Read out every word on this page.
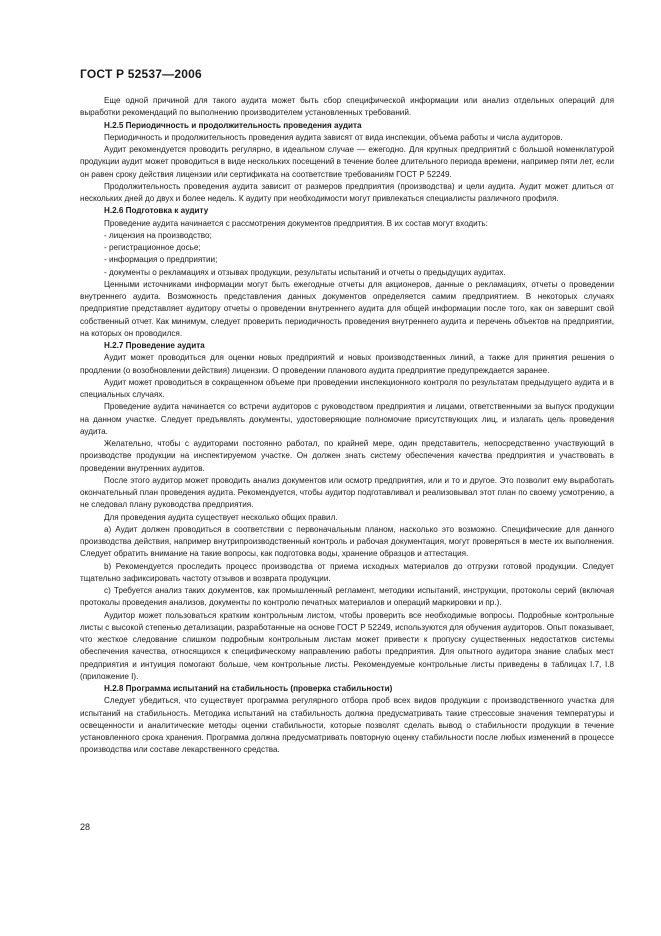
ГОСТ Р 52537—2006

Еще одной причиной для такого аудита может быть сбор специфической информации или анализ отдельных операций для выработки рекомендаций по выполнению производителем установленных требований.

Н.2.5 Периодичность и продолжительность проведения аудита

Периодичность и продолжительность проведения аудита зависят от вида инспекции, объема работы и числа аудиторов.

Аудит рекомендуется проводить регулярно, в идеальном случае — ежегодно. Для крупных предприятий с большой номенклатурой продукции аудит может проводиться в виде нескольких посещений в течение более длительного периода времени, например пяти лет, если он равен сроку действия лицензии или сертификата на соответствие требованиям ГОСТ Р 52249.

Продолжительность проведения аудита зависит от размеров предприятия (производства) и цели аудита. Аудит может длиться от нескольких дней до двух и более недель. К аудиту при необходимости могут привлекаться специалисты различного профиля.

Н.2.6 Подготовка к аудиту

Проведение аудита начинается с рассмотрения документов предприятия. В их состав могут входить:

- лицензия на производство;

- регистрационное досье;

- информация о предприятии;

- документы о рекламациях и отзывах продукции, результаты испытаний и отчеты о предыдущих аудитах.

Ценными источниками информации могут быть ежегодные отчеты для акционеров, данные о рекламациях, отчеты о проведении внутреннего аудита. Возможность представления данных документов определяется самим предприятием. В некоторых случаях предприятие представляет аудитору отчеты о проведении внутреннего аудита для общей информации после того, как он завершит свой собственный отчет. Как минимум, следует проверить периодичность проведения внутреннего аудита и перечень объектов на предприятии, на которых он проводился.

Н.2.7 Проведение аудита

Аудит может проводиться для оценки новых предприятий и новых производственных линий, а также для принятия решения о продлении (о возобновлении действия) лицензии. О проведении планового аудита предприятие предупреждается заранее.

Аудит может проводиться в сокращенном объеме при проведении инспекционного контроля по результатам предыдущего аудита и в специальных случаях.

Проведение аудита начинается со встречи аудиторов с руководством предприятия и лицами, ответственными за выпуск продукции на данном участке. Следует предъявлять документы, удостоверяющие полномочие присутствующих лиц, и излагать цель проведения аудита.

Желательно, чтобы с аудиторами постоянно работал, по крайней мере, один представитель, непосредственно участвующий в производстве продукции на инспектируемом участке. Он должен знать систему обеспечения качества предприятия и участвовать в проведении внутренних аудитов.

После этого аудитор может проводить анализ документов или осмотр предприятия, или и то и другое. Это позволит ему выработать окончательный план проведения аудита. Рекомендуется, чтобы аудитор подготавливал и реализовывал этот план по своему усмотрению, а не следовал плану руководства предприятия.

Для проведения аудита существует несколько общих правил.

а) Аудит должен проводиться в соответствии с первоначальным планом, насколько это возможно. Специфические для данного производства действия, например внутрипроизводственный контроль и рабочая документация, могут проверяться в месте их выполнения. Следует обратить внимание на такие вопросы, как подготовка воды, хранение образцов и аттестация.

b) Рекомендуется проследить процесс производства от приема исходных материалов до отгрузки готовой продукции. Следует тщательно зафиксировать частоту отзывов и возврата продукции.

с) Требуется анализ таких документов, как промышленный регламент, методики испытаний, инструкции, протоколы серий (включая протоколы проведения анализов, документы по контролю печатных материалов и операций маркировки и пр.).

Аудитор может пользоваться кратким контрольным листом, чтобы проверить все необходимые вопросы. Подробные контрольные листы с высокой степенью детализации, разработанные на основе ГОСТ Р 52249, используются для обучения аудиторов. Опыт показывает, что жесткое следование слишком подробным контрольным листам может привести к пропуску существенных недостатков системы обеспечения качества, относящихся к специфическому направлению работы предприятия. Для опытного аудитора знание слабых мест предприятия и интуиция помогают больше, чем контрольные листы. Рекомендуемые контрольные листы приведены в таблицах І.7, І.8 (приложение І).

Н.2.8 Программа испытаний на стабильность (проверка стабильности)

Следует убедиться, что существует программа регулярного отбора проб всех видов продукции с производственного участка для испытаний на стабильность. Методика испытаний на стабильность должна предусматривать такие стрессовые значения температуры и освещенности и аналитические методы оценки стабильности, которые позволят сделать вывод о стабильности продукции в течение установленного срока хранения. Программа должна предусматривать повторную оценку стабильности после любых изменений в процессе производства или составе лекарственного средства.

28
